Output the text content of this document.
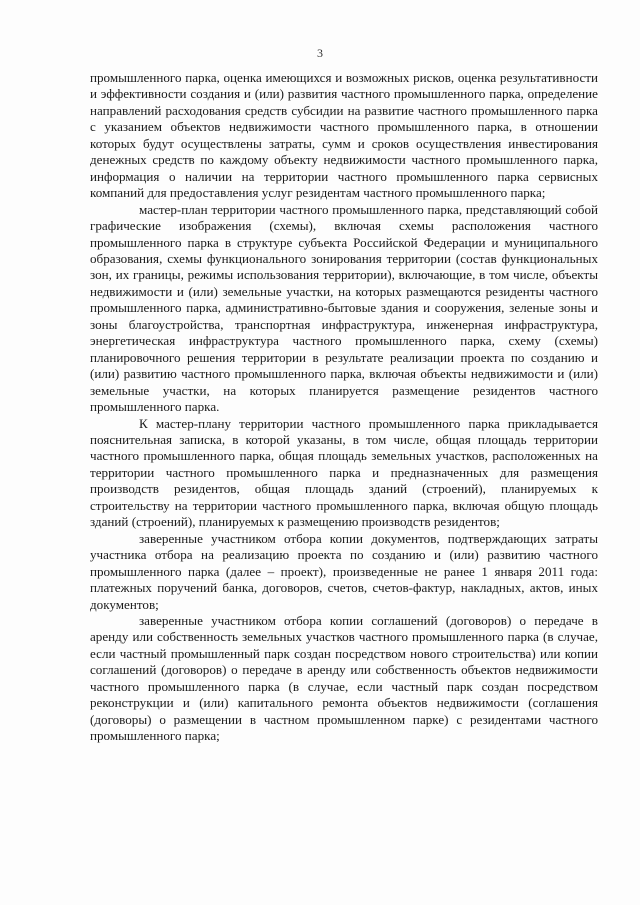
3

промышленного парка, оценка имеющихся и возможных рисков, оценка результативности и эффективности создания и (или) развития частного промышленного парка, определение направлений расходования средств субсидии на развитие частного промышленного парка с указанием объектов недвижимости частного промышленного парка, в отношении которых будут осуществлены затраты, сумм и сроков осуществления инвестирования денежных средств по каждому объекту недвижимости частного промышленного парка, информация о наличии на территории частного промышленного парка сервисных компаний для предоставления услуг резидентам частного промышленного парка;

мастер-план территории частного промышленного парка, представляющий собой графические изображения (схемы), включая схемы расположения частного промышленного парка в структуре субъекта Российской Федерации и муниципального образования, схемы функционального зонирования территории (состав функциональных зон, их границы, режимы использования территории), включающие, в том числе, объекты недвижимости и (или) земельные участки, на которых размещаются резиденты частного промышленного парка, административно-бытовые здания и сооружения, зеленые зоны и зоны благоустройства, транспортная инфраструктура, инженерная инфраструктура, энергетическая инфраструктура частного промышленного парка, схему (схемы) планировочного решения территории в результате реализации проекта по созданию и (или) развитию частного промышленного парка, включая объекты недвижимости и (или) земельные участки, на которых планируется размещение резидентов частного промышленного парка.

К мастер-плану территории частного промышленного парка прикладывается пояснительная записка, в которой указаны, в том числе, общая площадь территории частного промышленного парка, общая площадь земельных участков, расположенных на территории частного промышленного парка и предназначенных для размещения производств резидентов, общая площадь зданий (строений), планируемых к строительству на территории частного промышленного парка, включая общую площадь зданий (строений), планируемых к размещению производств резидентов;

заверенные участником отбора копии документов, подтверждающих затраты участника отбора на реализацию проекта по созданию и (или) развитию частного промышленного парка (далее – проект), произведенные не ранее 1 января 2011 года: платежных поручений банка, договоров, счетов, счетов-фактур, накладных, актов, иных документов;

заверенные участником отбора копии соглашений (договоров) о передаче в аренду или собственность земельных участков частного промышленного парка (в случае, если частный промышленный парк создан посредством нового строительства) или копии соглашений (договоров) о передаче в аренду или собственность объектов недвижимости частного промышленного парка (в случае, если частный парк создан посредством реконструкции и (или) капитального ремонта объектов недвижимости (соглашения (договоры) о размещении в частном промышленном парке) с резидентами частного промышленного парка;
